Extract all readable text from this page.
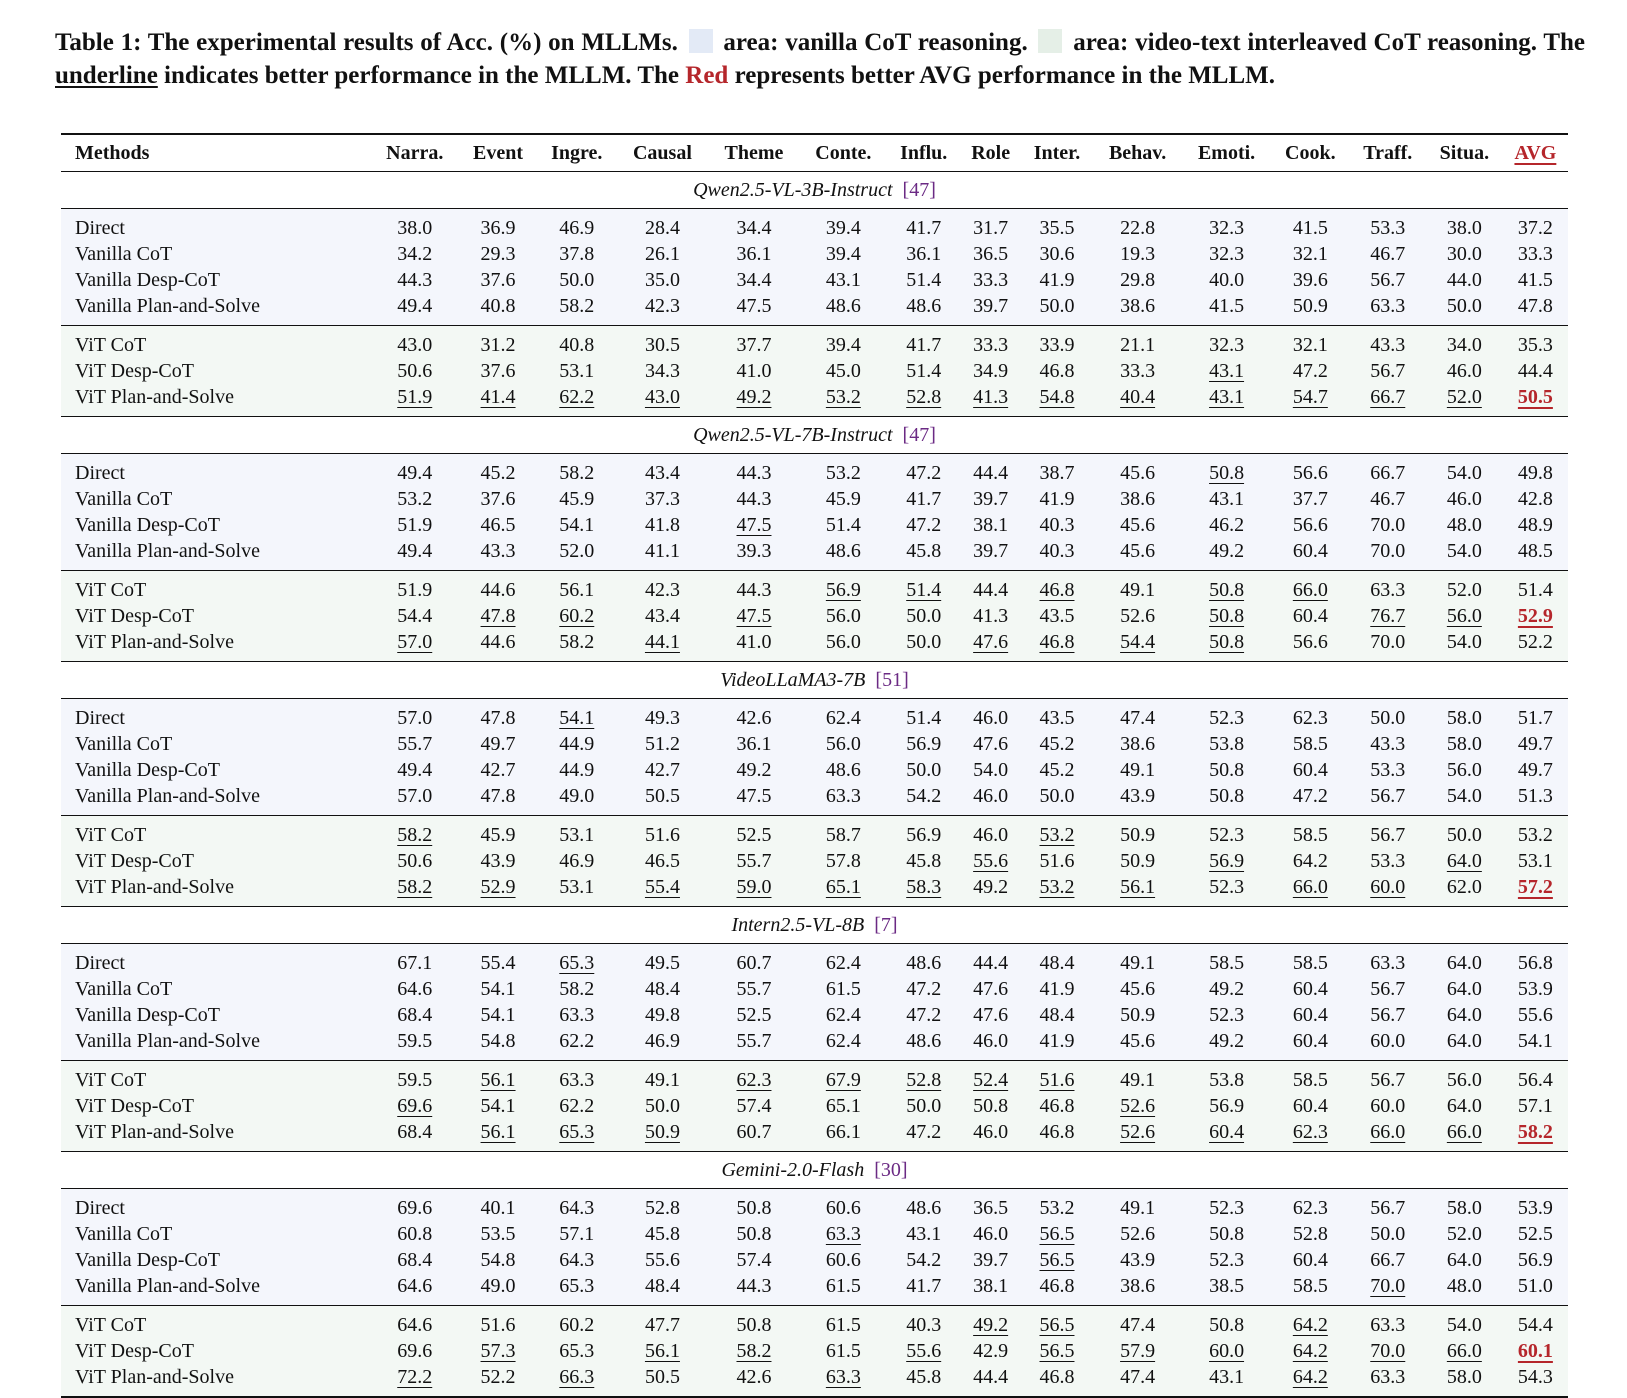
Table 1: The experimental results of Acc. (%) on MLLMs. area: vanilla CoT reasoning. area: video-text interleaved CoT reasoning. The underline indicates better performance in the MLLM. The Red represents better AVG performance in the MLLM.
Methods	Narra.	Event	Ingre.	Causal	Theme	Conte.	Influ.	Role	Inter.	Behav.	Emoti.	Cook.	Traff.	Situa.	AVG
Qwen2.5-VL-3B-Instruct  [47]															
Direct	38.0	36.9	46.9	28.4	34.4	39.4	41.7	31.7	35.5	22.8	32.3	41.5	53.3	38.0	37.2
Vanilla CoT	34.2	29.3	37.8	26.1	36.1	39.4	36.1	36.5	30.6	19.3	32.3	32.1	46.7	30.0	33.3
Vanilla Desp-CoT	44.3	37.6	50.0	35.0	34.4	43.1	51.4	33.3	41.9	29.8	40.0	39.6	56.7	44.0	41.5
Vanilla Plan-and-Solve	49.4	40.8	58.2	42.3	47.5	48.6	48.6	39.7	50.0	38.6	41.5	50.9	63.3	50.0	47.8
ViT CoT	43.0	31.2	40.8	30.5	37.7	39.4	41.7	33.3	33.9	21.1	32.3	32.1	43.3	34.0	35.3
ViT Desp-CoT	50.6	37.6	53.1	34.3	41.0	45.0	51.4	34.9	46.8	33.3	43.1	47.2	56.7	46.0	44.4
ViT Plan-and-Solve	51.9	41.4	62.2	43.0	49.2	53.2	52.8	41.3	54.8	40.4	43.1	54.7	66.7	52.0	50.5
Qwen2.5-VL-7B-Instruct  [47]															
Direct	49.4	45.2	58.2	43.4	44.3	53.2	47.2	44.4	38.7	45.6	50.8	56.6	66.7	54.0	49.8
Vanilla CoT	53.2	37.6	45.9	37.3	44.3	45.9	41.7	39.7	41.9	38.6	43.1	37.7	46.7	46.0	42.8
Vanilla Desp-CoT	51.9	46.5	54.1	41.8	47.5	51.4	47.2	38.1	40.3	45.6	46.2	56.6	70.0	48.0	48.9
Vanilla Plan-and-Solve	49.4	43.3	52.0	41.1	39.3	48.6	45.8	39.7	40.3	45.6	49.2	60.4	70.0	54.0	48.5
ViT CoT	51.9	44.6	56.1	42.3	44.3	56.9	51.4	44.4	46.8	49.1	50.8	66.0	63.3	52.0	51.4
ViT Desp-CoT	54.4	47.8	60.2	43.4	47.5	56.0	50.0	41.3	43.5	52.6	50.8	60.4	76.7	56.0	52.9
ViT Plan-and-Solve	57.0	44.6	58.2	44.1	41.0	56.0	50.0	47.6	46.8	54.4	50.8	56.6	70.0	54.0	52.2
VideoLLaMA3-7B  [51]															
Direct	57.0	47.8	54.1	49.3	42.6	62.4	51.4	46.0	43.5	47.4	52.3	62.3	50.0	58.0	51.7
Vanilla CoT	55.7	49.7	44.9	51.2	36.1	56.0	56.9	47.6	45.2	38.6	53.8	58.5	43.3	58.0	49.7
Vanilla Desp-CoT	49.4	42.7	44.9	42.7	49.2	48.6	50.0	54.0	45.2	49.1	50.8	60.4	53.3	56.0	49.7
Vanilla Plan-and-Solve	57.0	47.8	49.0	50.5	47.5	63.3	54.2	46.0	50.0	43.9	50.8	47.2	56.7	54.0	51.3
ViT CoT	58.2	45.9	53.1	51.6	52.5	58.7	56.9	46.0	53.2	50.9	52.3	58.5	56.7	50.0	53.2
ViT Desp-CoT	50.6	43.9	46.9	46.5	55.7	57.8	45.8	55.6	51.6	50.9	56.9	64.2	53.3	64.0	53.1
ViT Plan-and-Solve	58.2	52.9	53.1	55.4	59.0	65.1	58.3	49.2	53.2	56.1	52.3	66.0	60.0	62.0	57.2
Intern2.5-VL-8B  [7]															
Direct	67.1	55.4	65.3	49.5	60.7	62.4	48.6	44.4	48.4	49.1	58.5	58.5	63.3	64.0	56.8
Vanilla CoT	64.6	54.1	58.2	48.4	55.7	61.5	47.2	47.6	41.9	45.6	49.2	60.4	56.7	64.0	53.9
Vanilla Desp-CoT	68.4	54.1	63.3	49.8	52.5	62.4	47.2	47.6	48.4	50.9	52.3	60.4	56.7	64.0	55.6
Vanilla Plan-and-Solve	59.5	54.8	62.2	46.9	55.7	62.4	48.6	46.0	41.9	45.6	49.2	60.4	60.0	64.0	54.1
ViT CoT	59.5	56.1	63.3	49.1	62.3	67.9	52.8	52.4	51.6	49.1	53.8	58.5	56.7	56.0	56.4
ViT Desp-CoT	69.6	54.1	62.2	50.0	57.4	65.1	50.0	50.8	46.8	52.6	56.9	60.4	60.0	64.0	57.1
ViT Plan-and-Solve	68.4	56.1	65.3	50.9	60.7	66.1	47.2	46.0	46.8	52.6	60.4	62.3	66.0	66.0	58.2
Gemini-2.0-Flash  [30]															
Direct	69.6	40.1	64.3	52.8	50.8	60.6	48.6	36.5	53.2	49.1	52.3	62.3	56.7	58.0	53.9
Vanilla CoT	60.8	53.5	57.1	45.8	50.8	63.3	43.1	46.0	56.5	52.6	50.8	52.8	50.0	52.0	52.5
Vanilla Desp-CoT	68.4	54.8	64.3	55.6	57.4	60.6	54.2	39.7	56.5	43.9	52.3	60.4	66.7	64.0	56.9
Vanilla Plan-and-Solve	64.6	49.0	65.3	48.4	44.3	61.5	41.7	38.1	46.8	38.6	38.5	58.5	70.0	48.0	51.0
ViT CoT	64.6	51.6	60.2	47.7	50.8	61.5	40.3	49.2	56.5	47.4	50.8	64.2	63.3	54.0	54.4
ViT Desp-CoT	69.6	57.3	65.3	56.1	58.2	61.5	55.6	42.9	56.5	57.9	60.0	64.2	70.0	66.0	60.1
ViT Plan-and-Solve	72.2	52.2	66.3	50.5	42.6	63.3	45.8	44.4	46.8	47.4	43.1	64.2	63.3	58.0	54.3
